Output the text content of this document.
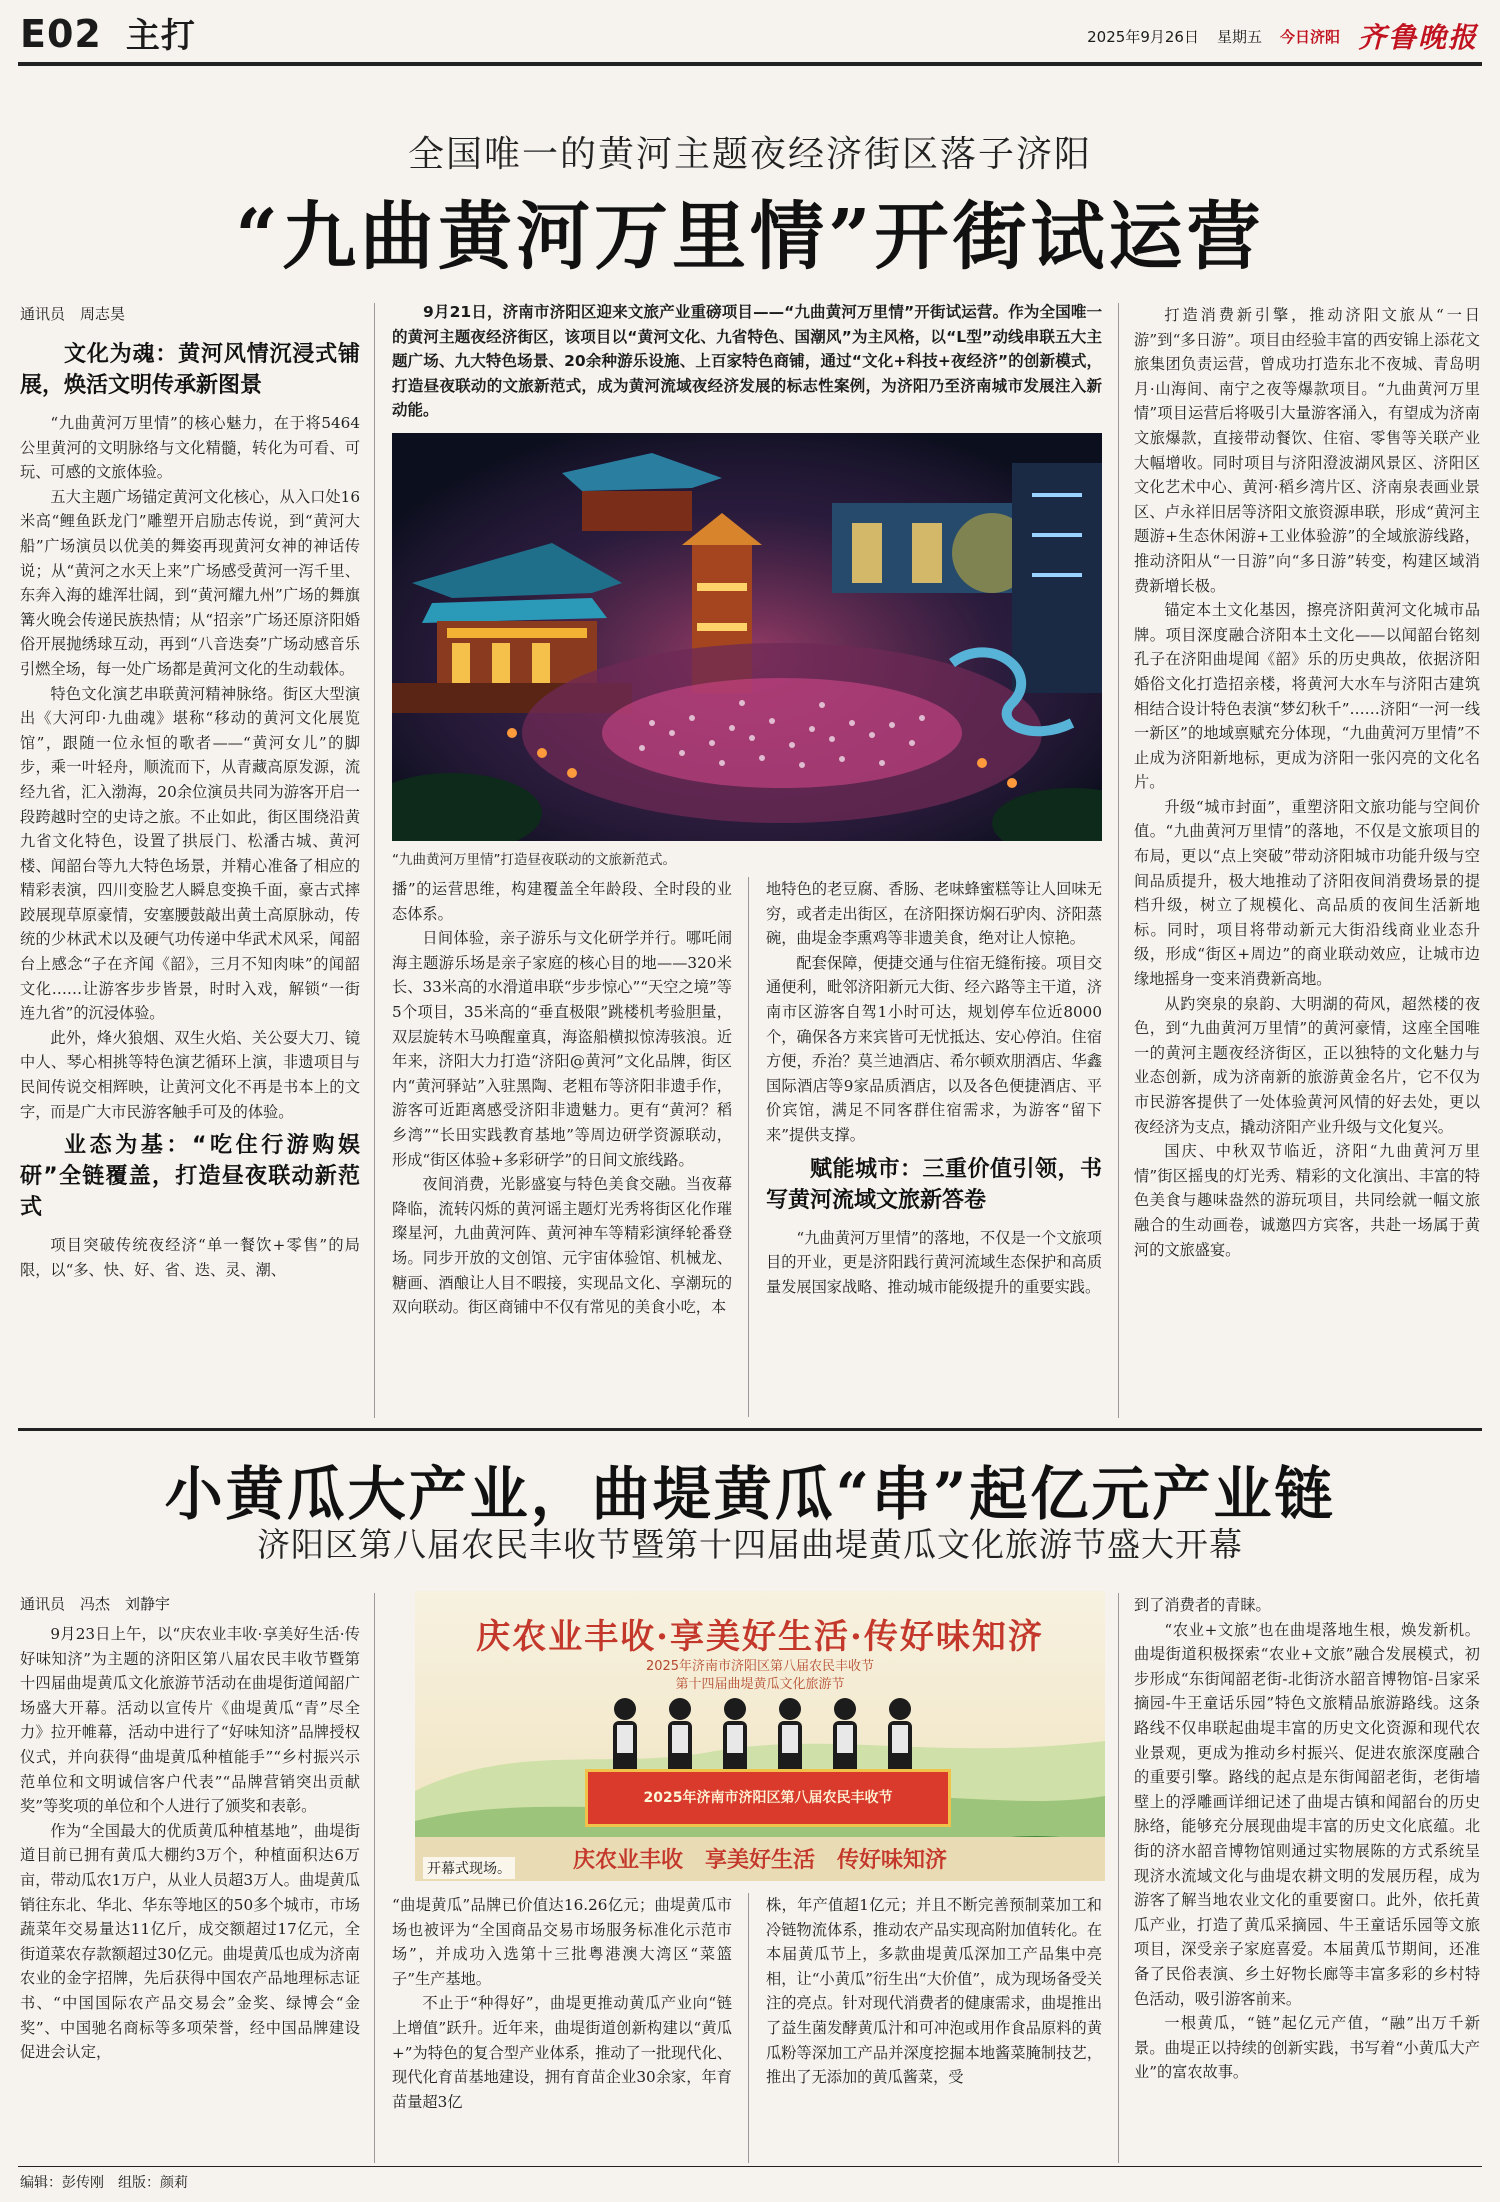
E02 主打	2025年9月26日 星期五 今日济阳 齐鲁晚报
全国唯一的黄河主题夜经济街区落子济阳
“九曲黄河万里情”开街试运营
通讯员　周志昊
文化为魂：黄河风情沉浸式铺展，焕活文明传承新图景

“九曲黄河万里情”的核心魅力，在于将5464公里黄河的文明脉络与文化精髓，转化为可看、可玩、可感的文旅体验。

五大主题广场锚定黄河文化核心，从入口处16米高“鲤鱼跃龙门”雕塑开启励志传说，到“黄河大船”广场演员以优美的舞姿再现黄河女神的神话传说；从“黄河之水天上来”广场感受黄河一泻千里、东奔入海的雄浑壮阔，到“黄河耀九州”广场的舞旗篝火晚会传递民族热情；从“招亲”广场还原济阳婚俗开展抛绣球互动，再到“八音迭奏”广场动感音乐引燃全场，每一处广场都是黄河文化的生动载体。

特色文化演艺串联黄河精神脉络。街区大型演出《大河印·九曲魂》堪称“移动的黄河文化展览馆”，跟随一位永恒的歌者——“黄河女儿”的脚步，乘一叶轻舟，顺流而下，从青藏高原发源，流经九省，汇入渤海，20余位演员共同为游客开启一段跨越时空的史诗之旅。不止如此，街区围绕沿黄九省文化特色，设置了拱辰门、松潘古城、黄河楼、闻韶台等九大特色场景，并精心准备了相应的精彩表演，四川变脸艺人瞬息变换千面，豪古式摔跤展现草原豪情，安塞腰鼓敲出黄土高原脉动，传统的少林武术以及硬气功传递中华武术风采，闻韶台上感念“子在齐闻《韶》，三月不知肉味”的闻韶文化……让游客步步皆景，时时入戏，解锁“一街连九省”的沉浸体验。

此外，烽火狼烟、双生火焰、关公耍大刀、镜中人、琴心相挑等特色演艺循环上演，非遗项目与民间传说交相辉映，让黄河文化不再是书本上的文字，而是广大市民游客触手可及的体验。

业态为基：“吃住行游购娱研”全链覆盖，打造昼夜联动新范式

项目突破传统夜经济“单一餐饮+零售”的局限，以“多、快、好、省、迭、灵、潮、

9月21日，济南市济阳区迎来文旅产业重磅项目——“九曲黄河万里情”开街试运营。作为全国唯一的黄河主题夜经济街区，该项目以“黄河文化、九省特色、国潮风”为主风格，以“L型”动线串联五大主题广场、九大特色场景、20余种游乐设施、上百家特色商铺，通过“文化+科技+夜经济”的创新模式，打造昼夜联动的文旅新范式，成为黄河流域夜经济发展的标志性案例，为济阳乃至济南城市发展注入新动能。
“九曲黄河万里情”打造昼夜联动的文旅新范式。

播”的运营思维，构建覆盖全年龄段、全时段的业态体系。

日间体验，亲子游乐与文化研学并行。哪吒闹海主题游乐场是亲子家庭的核心目的地——320米长、33米高的水滑道串联“步步惊心”“天空之境”等5个项目，35米高的“垂直极限”跳楼机考验胆量，双层旋转木马唤醒童真，海盗船横拟惊涛骇浪。近年来，济阳大力打造“济阳@黄河”文化品牌，街区内“黄河驿站”入驻黑陶、老粗布等济阳非遗手作，游客可近距离感受济阳非遗魅力。更有“黄河？稻乡湾”“长田实践教育基地”等周边研学资源联动，形成“街区体验+多彩研学”的日间文旅线路。

夜间消费，光影盛宴与特色美食交融。当夜幕降临，流转闪烁的黄河谣主题灯光秀将街区化作璀璨星河，九曲黄河阵、黄河神车等精彩演绎轮番登场。同步开放的文创馆、元宇宙体验馆、机械龙、糖画、酒酿让人目不暇接，实现品文化、享潮玩的双向联动。街区商铺中不仅有常见的美食小吃，本

地特色的老豆腐、香肠、老味蜂蜜糕等让人回味无穷，或者走出街区，在济阳探访焖石驴肉、济阳蒸碗，曲堤金李熏鸡等非遗美食，绝对让人惊艳。

配套保障，便捷交通与住宿无缝衔接。项目交通便利，毗邻济阳新元大街、经六路等主干道，济南市区游客自驾1小时可达，规划停车位近8000个，确保各方来宾皆可无忧抵达、安心停泊。住宿方便，乔治？莫兰迪酒店、希尔顿欢朋酒店、华鑫国际酒店等9家品质酒店，以及各色便捷酒店、平价宾馆，满足不同客群住宿需求，为游客“留下来”提供支撑。

赋能城市：三重价值引领，书写黄河流域文旅新答卷

“九曲黄河万里情”的落地，不仅是一个文旅项目的开业，更是济阳践行黄河流域生态保护和高质量发展国家战略、推动城市能级提升的重要实践。

打造消费新引擎，推动济阳文旅从“一日游”到“多日游”。项目由经验丰富的西安锦上添花文旅集团负责运营，曾成功打造东北不夜城、青岛明月·山海间、南宁之夜等爆款项目。“九曲黄河万里情”项目运营后将吸引大量游客涌入，有望成为济南文旅爆款，直接带动餐饮、住宿、零售等关联产业大幅增收。同时项目与济阳澄波湖风景区、济阳区文化艺术中心、黄河·稻乡湾片区、济南泉表画业景区、卢永祥旧居等济阳文旅资源串联，形成“黄河主题游+生态休闲游+工业体验游”的全域旅游线路，推动济阳从“一日游”向“多日游”转变，构建区域消费新增长极。

锚定本土文化基因，擦亮济阳黄河文化城市品牌。项目深度融合济阳本土文化——以闻韶台铭刻孔子在济阳曲堤闻《韶》乐的历史典故，依据济阳婚俗文化打造招亲楼，将黄河大水车与济阳古建筑相结合设计特色表演“梦幻秋千”……济阳“一河一线一新区”的地域禀赋充分体现，“九曲黄河万里情”不止成为济阳新地标，更成为济阳一张闪亮的文化名片。

升级“城市封面”，重塑济阳文旅功能与空间价值。“九曲黄河万里情”的落地，不仅是文旅项目的布局，更以“点上突破”带动济阳城市功能升级与空间品质提升，极大地推动了济阳夜间消费场景的提档升级，树立了规模化、高品质的夜间生活新地标。同时，项目将带动新元大街沿线商业业态升级，形成“街区+周边”的商业联动效应，让城市边缘地摇身一变来消费新高地。

从趵突泉的泉韵、大明湖的荷风，超然楼的夜色，到“九曲黄河万里情”的黄河豪情，这座全国唯一的黄河主题夜经济街区，正以独特的文化魅力与业态创新，成为济南新的旅游黄金名片，它不仅为市民游客提供了一处体验黄河风情的好去处，更以夜经济为支点，撬动济阳产业升级与文化复兴。

国庆、中秋双节临近，济阳“九曲黄河万里情”街区摇曳的灯光秀、精彩的文化演出、丰富的特色美食与趣味盎然的游玩项目，共同绘就一幅文旅融合的生动画卷，诚邀四方宾客，共赴一场属于黄河的文旅盛宴。

小黄瓜大产业，曲堤黄瓜“串”起亿元产业链
济阳区第八届农民丰收节暨第十四届曲堤黄瓜文化旅游节盛大开幕
通讯员　冯杰　刘静宇

9月23日上午，以“庆农业丰收·享美好生活·传好味知济”为主题的济阳区第八届农民丰收节暨第十四届曲堤黄瓜文化旅游节活动在曲堤街道闻韶广场盛大开幕。活动以宣传片《曲堤黄瓜“青”尽全力》拉开帷幕，活动中进行了“好味知济”品牌授权仪式，并向获得“曲堤黄瓜种植能手”“乡村振兴示范单位和文明诚信客户代表”“品牌营销突出贡献奖”等奖项的单位和个人进行了颁奖和表彰。

作为“全国最大的优质黄瓜种植基地”，曲堤街道目前已拥有黄瓜大棚约3万个，种植面积达6万亩，带动瓜农1万户，从业人员超3万人。曲堤黄瓜销往东北、华北、华东等地区的50多个城市，市场蔬菜年交易量达11亿斤，成交额超过17亿元，全街道菜农存款额超过30亿元。曲堤黄瓜也成为济南农业的金字招牌，先后获得中国农产品地理标志证书、“中国国际农产品交易会”金奖、绿博会“金奖”、中国驰名商标等多项荣誉，经中国品牌建设促进会认定，

庆农业丰收·享美好生活·传好味知济
2025年济南市济阳区第八届农民丰收节
第十四届曲堤黄瓜文化旅游节
2025年济南市济阳区第八届农民丰收节
庆农业丰收　享美好生活　传好味知济
开幕式现场。

“曲堤黄瓜”品牌已价值达16.26亿元；曲堤黄瓜市场也被评为“全国商品交易市场服务标准化示范市场”，并成功入选第十三批粤港澳大湾区“菜篮子”生产基地。

不止于“种得好”，曲堤更推动黄瓜产业向“链上增值”跃升。近年来，曲堤街道创新构建以“黄瓜+”为特色的复合型产业体系，推动了一批现代化、现代化育苗基地建设，拥有育苗企业30余家，年育苗量超3亿

株，年产值超1亿元；并且不断完善预制菜加工和冷链物流体系，推动农产品实现高附加值转化。在本届黄瓜节上，多款曲堤黄瓜深加工产品集中亮相，让“小黄瓜”衍生出“大价值”，成为现场备受关注的亮点。针对现代消费者的健康需求，曲堤推出了益生菌发酵黄瓜汁和可冲泡或用作食品原料的黄瓜粉等深加工产品并深度挖掘本地酱菜腌制技艺，推出了无添加的黄瓜酱菜，受

到了消费者的青睐。

“农业+文旅”也在曲堤落地生根，焕发新机。曲堤街道积极探索“农业+文旅”融合发展模式，初步形成“东街闻韶老街-北街济水韶音博物馆-吕家采摘园-牛王童话乐园”特色文旅精品旅游路线。这条路线不仅串联起曲堤丰富的历史文化资源和现代农业景观，更成为推动乡村振兴、促进农旅深度融合的重要引擎。路线的起点是东街闻韶老街，老街墙壁上的浮雕画详细记述了曲堤古镇和闻韶台的历史脉络，能够充分展现曲堤丰富的历史文化底蕴。北街的济水韶音博物馆则通过实物展陈的方式系统呈现济水流域文化与曲堤农耕文明的发展历程，成为游客了解当地农业文化的重要窗口。此外，依托黄瓜产业，打造了黄瓜采摘园、牛王童话乐园等文旅项目，深受亲子家庭喜爱。本届黄瓜节期间，还准备了民俗表演、乡土好物长廊等丰富多彩的乡村特色活动，吸引游客前来。

一根黄瓜，“链”起亿元产值，“融”出万千新景。曲堤正以持续的创新实践，书写着“小黄瓜大产业”的富农故事。

编辑：彭传刚　组版：颜莉
